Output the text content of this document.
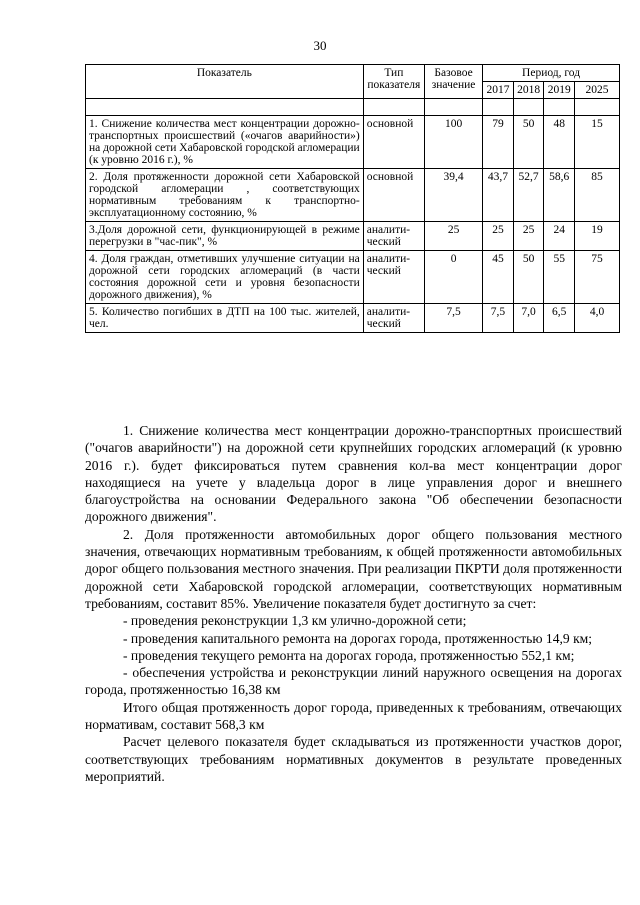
30
Показатель	Тип показателя	Базовое значение	Период, год			
			2017	2018	2019	2025

1. Снижение количества мест концентрации дорожно-транспортных происшествий («очагов аварийности») на дорожной сети Хабаровской городской агломерации (к уровню 2016 г.), %	основной	100	79	50	48	15
2. Доля протяженности дорожной сети Хабаровской городской агломерации , соответствующих нормативным требованиям к транспортно-эксплуатационному состоянию, %	основной	39,4	43,7	52,7	58,6	85
3.Доля дорожной сети, функционирующей в режиме перегрузки в "час-пик", %	аналити-ческий	25	25	25	24	19
4. Доля граждан, отметивших улучшение ситуации на дорожной сети городских агломераций (в части состояния дорожной сети и уровня безопасности дорожного движения), %	аналити-ческий	0	45	50	55	75
5. Количество погибших в ДТП на 100 тыс. жителей, чел.	аналити-ческий	7,5	7,5	7,0	6,5	4,0

1. Снижение количества мест концентрации дорожно-транспортных происшествий ("очагов аварийности") на дорожной сети крупнейших городских агломераций (к уровню 2016 г.). будет фиксироваться путем сравнения кол-ва мест концентрации дорог находящиеся на учете у владельца дорог в лице управления дорог и внешнего благоустройства на основании Федерального закона "Об обеспечении безопасности дорожного движения".

2. Доля протяженности автомобильных дорог общего пользования местного значения, отвечающих нормативным требованиям, к общей протяженности автомобильных дорог общего пользования местного значения. При реализации ПКРТИ доля протяженности дорожной сети Хабаровской городской агломерации, соответствующих нормативным требованиям, составит 85%. Увеличение показателя будет достигнуто за счет:

- проведения реконструкции 1,3 км улично-дорожной сети;

- проведения капитального ремонта на дорогах города, протяженностью 14,9 км;

- проведения текущего ремонта на дорогах города, протяженностью 552,1 км;

- обеспечения устройства и реконструкции линий наружного освещения на дорогах города, протяженностью 16,38 км

Итого общая протяженность дорог города, приведенных к требованиям, отвечающих нормативам, составит 568,3 км

Расчет целевого показателя будет складываться из протяженности участков дорог, соответствующих требованиям нормативных документов в результате проведенных мероприятий.
